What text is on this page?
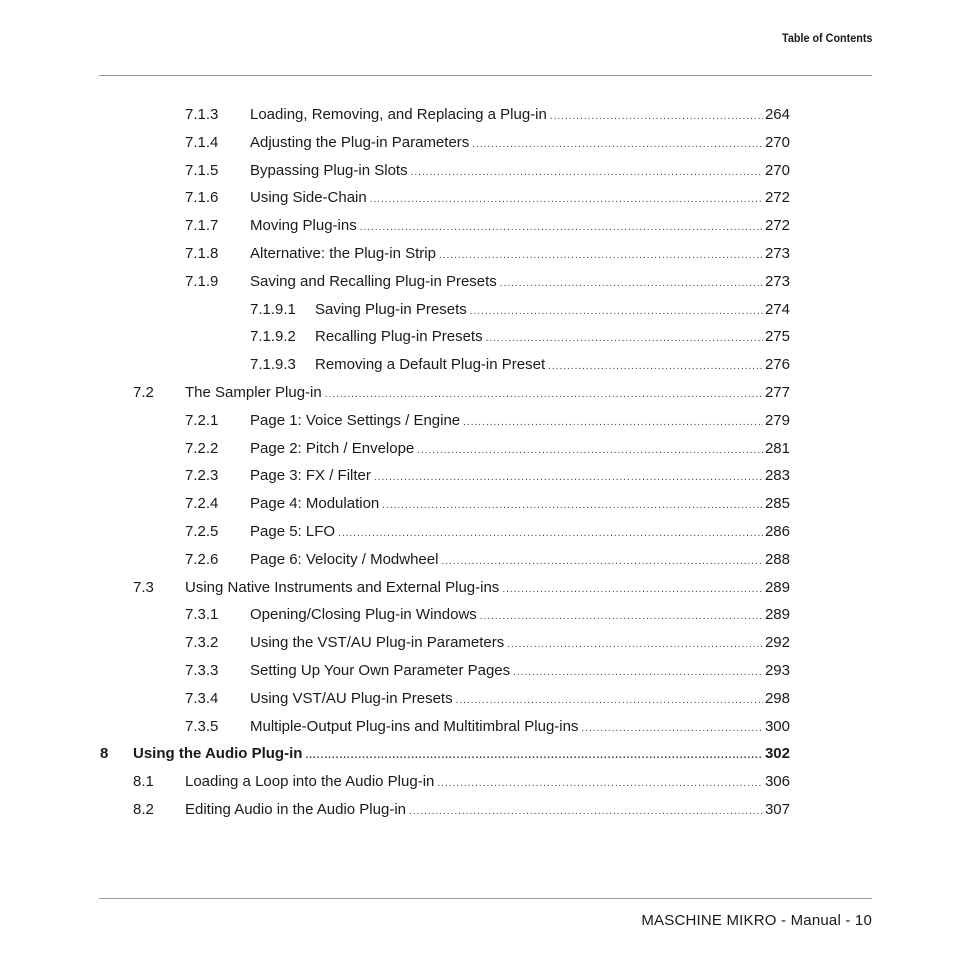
Table of Contents
7.1.3 Loading, Removing, and Replacing a Plug-in .....	264
7.1.4 Adjusting the Plug-in Parameters .....	270
7.1.5 Bypassing Plug-in Slots .....	270
7.1.6 Using Side-Chain .....	272
7.1.7 Moving Plug-ins .....	272
7.1.8 Alternative: the Plug-in Strip .....	273
7.1.9 Saving and Recalling Plug-in Presets .....	273
7.1.9.1 Saving Plug-in Presets .....	274
7.1.9.2 Recalling Plug-in Presets .....	275
7.1.9.3 Removing a Default Plug-in Preset .....	276
7.2 The Sampler Plug-in .....	277
7.2.1 Page 1: Voice Settings / Engine .....	279
7.2.2 Page 2: Pitch / Envelope .....	281
7.2.3 Page 3: FX / Filter .....	283
7.2.4 Page 4: Modulation .....	285
7.2.5 Page 5: LFO .....	286
7.2.6 Page 6: Velocity / Modwheel .....	288
7.3 Using Native Instruments and External Plug-ins .....	289
7.3.1 Opening/Closing Plug-in Windows .....	289
7.3.2 Using the VST/AU Plug-in Parameters .....	292
7.3.3 Setting Up Your Own Parameter Pages .....	293
7.3.4 Using VST/AU Plug-in Presets .....	298
7.3.5 Multiple-Output Plug-ins and Multitimbral Plug-ins .....	300
8 Using the Audio Plug-in .....	302
8.1 Loading a Loop into the Audio Plug-in .....	306
8.2 Editing Audio in the Audio Plug-in .....	307
MASCHINE MIKRO - Manual - 10
